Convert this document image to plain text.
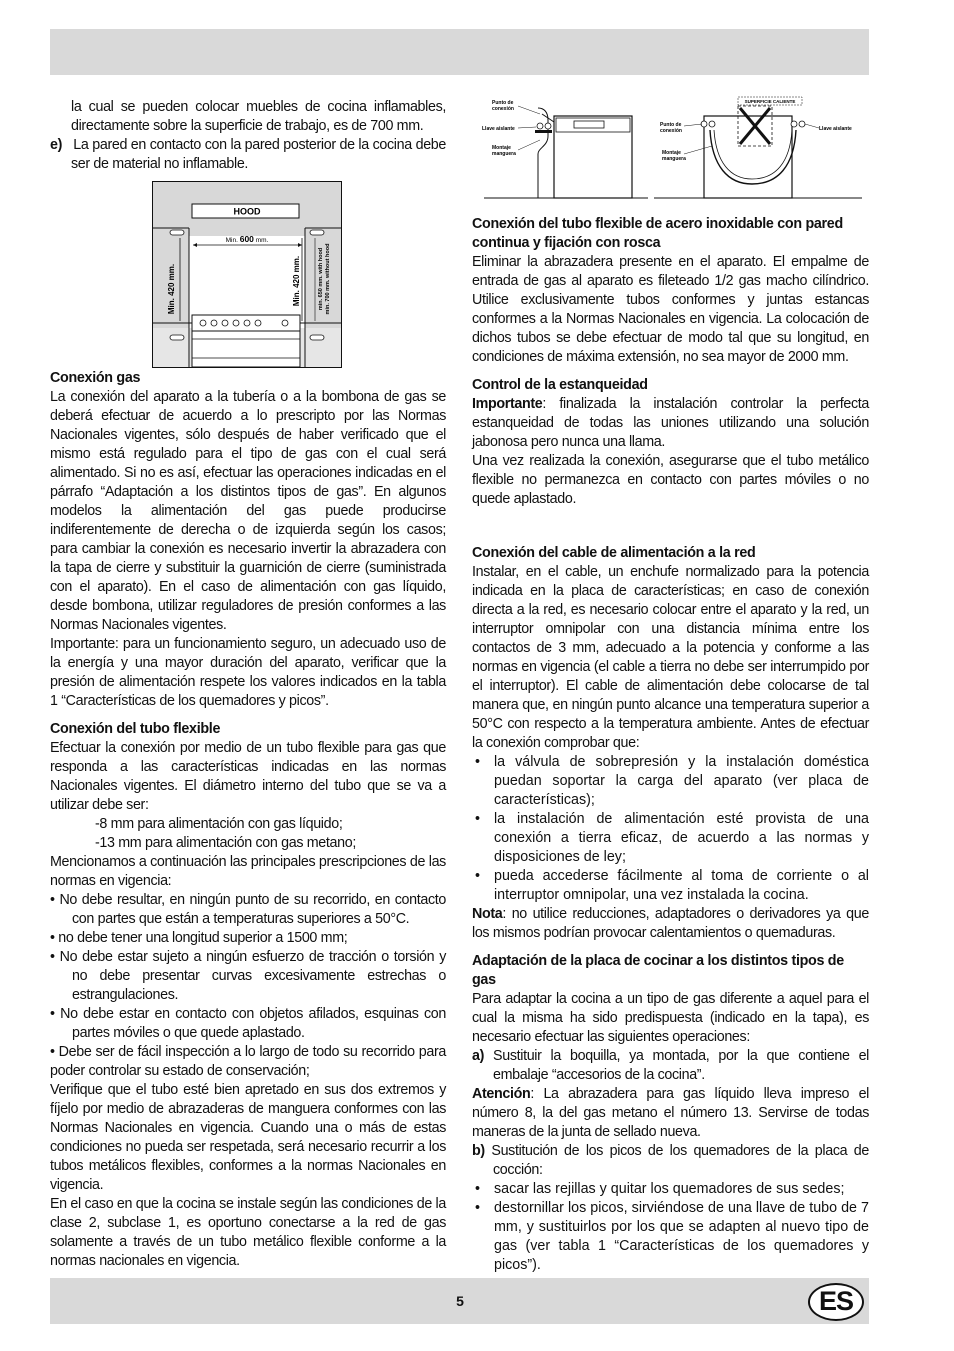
HOOD
Min. 600 mm.
Min. 420 mm.	Min. 420 mm.	min. 650 mm. with hood min. 700 mm. without hood
Punto de conexión
Llave aislante
Montaje manguera
SUPERFICIE CALIENTE
Punto de conexión
Montaje manguera
Llave aislante

la cual se pueden colocar muebles de cocina inflamables, directamente sobre la superficie de trabajo, es de 700 mm.

e) La pared en contacto con la pared posterior de la cocina debe ser de material no inflamable.

Conexión gas

La conexión del aparato a la tubería o a la bombona de gas se deberá efectuar de acuerdo a lo prescripto por las Normas Nacionales vigentes, sólo después de haber verificado que el mismo está regulado para el tipo de gas con el cual será alimentado. Si no es así, efectuar las operaciones indicadas en el párrafo “Adaptación a los distintos tipos de gas”. En algunos modelos la alimentación del gas puede producirse indiferentemente de derecha o de izquierda según los casos; para cambiar la conexión es necesario invertir la abrazadera con la tapa de cierre y substituir la guarnición de cierre (suministrada con el aparato). En el caso de alimentación con gas líquido, desde bombona, utilizar reguladores de presión conformes a las Normas Nacionales vigentes.

Importante: para un funcionamiento seguro, un adecuado uso de la energía y una mayor duración del aparato, verificar que la presión de alimentación respete los valores indicados en la tabla 1 “Características de los quemadores y picos”.

Conexión del tubo flexible

Efectuar la conexión por medio de un tubo flexible para gas que responda a las características indicadas en las normas Nacionales vigentes. El diámetro interno del tubo que se va a utilizar debe ser:

-8 mm para alimentación con gas líquido;

-13 mm para alimentación con gas metano;

Mencionamos a continuación las principales prescripciones de las normas en vigencia:

• No debe resultar, en ningún punto de su recorrido, en contacto con partes que están a temperaturas superiores a 50°C.

• no debe tener una longitud superior a 1500 mm;

• No debe estar sujeto a ningún esfuerzo de tracción o torsión y no debe presentar curvas excesivamente estrechas o estrangulaciones.

• No debe estar en contacto con objetos afilados, esquinas con partes móviles o que quede aplastado.

• Debe ser de fácil inspección a lo largo de todo su recorrido para poder controlar su estado de conservación;

Verifique que el tubo esté bien apretado en sus dos extremos y fíjelo por medio de abrazaderas de manguera conformes con las Normas Nacionales en vigencia. Cuando una o más de estas condiciones no pueda ser respetada, será necesario recurrir a los tubos metálicos flexibles, conformes a la normas Nacionales en vigencia.

En el caso en que la cocina se instale según las condiciones de la clase 2, subclase 1, es oportuno conectarse a la red de gas solamente a través de un tubo metálico flexible conforme a la normas nacionales en vigencia.

Conexión del tubo flexible de acero inoxidable con pared continua y fijación con rosca

Eliminar la abrazadera presente en el aparato. El empalme de entrada de gas al aparato es fileteado 1/2 gas macho cilíndrico. Utilice exclusivamente tubos conformes y juntas estancas conformes a la Normas Nacionales en vigencia. La colocación de dichos tubos se debe efectuar de modo tal que su longitud, en condiciones de máxima extensión, no sea mayor de 2000 mm.

Control de la estanqueidad

Importante: finalizada la instalación controlar la perfecta estanqueidad de todas las uniones utilizando una solución jabonosa pero nunca una llama.

Una vez realizada la conexión, asegurarse que el tubo metálico flexible no permanezca en contacto con partes móviles o no quede aplastado.

Conexión del cable de alimentación a la red

Instalar, en el cable, un enchufe normalizado para la potencia indicada en la placa de características; en caso de conexión directa a la red, es necesario colocar entre el aparato y la red, un interruptor omnipolar con una distancia mínima entre los contactos de 3 mm, adecuado a la potencia y conforme a las normas en vigencia (el cable a tierra no debe ser interrumpido por el interruptor). El cable de alimentación debe colocarse de tal manera que, en ningún punto alcance una temperatura superior a 50°C con respecto a la temperatura ambiente. Antes de efectuar la conexión comprobar que:

• la válvula de sobrepresión y la instalación doméstica puedan soportar la carga del aparato (ver placa de características);

• la instalación de alimentación esté provista de una conexión a tierra eficaz, de acuerdo a las normas y disposiciones de ley;

• pueda accederse fácilmente al toma de corriente o al interruptor omnipolar, una vez instalada la cocina.

Nota: no utilice reducciones, adaptadores o derivadores ya que los mismos podrían provocar calentamientos o quemaduras.

Adaptación de la placa de cocinar a los distintos tipos de gas

Para adaptar la cocina a un tipo de gas diferente a aquel para el cual la misma ha sido predispuesta (indicado en la tapa), es necesario efectuar las siguientes operaciones:

a) Sustituir la boquilla, ya montada, por la que contiene el embalaje “accesorios de la cocina”.

Atención: La abrazadera para gas líquido lleva impreso el número 8, la del gas metano el número 13. Servirse de todas maneras de la junta de sellado nueva.

b) Sustitución de los picos de los quemadores de la placa de cocción:

• sacar las rejillas y quitar los quemadores de sus sedes;

• destornillar los picos, sirviéndose de una llave de tubo de 7 mm, y sustituirlos por los que se adapten al nuevo tipo de gas (ver tabla 1 “Características de los quemadores y picos”).

5	ES
